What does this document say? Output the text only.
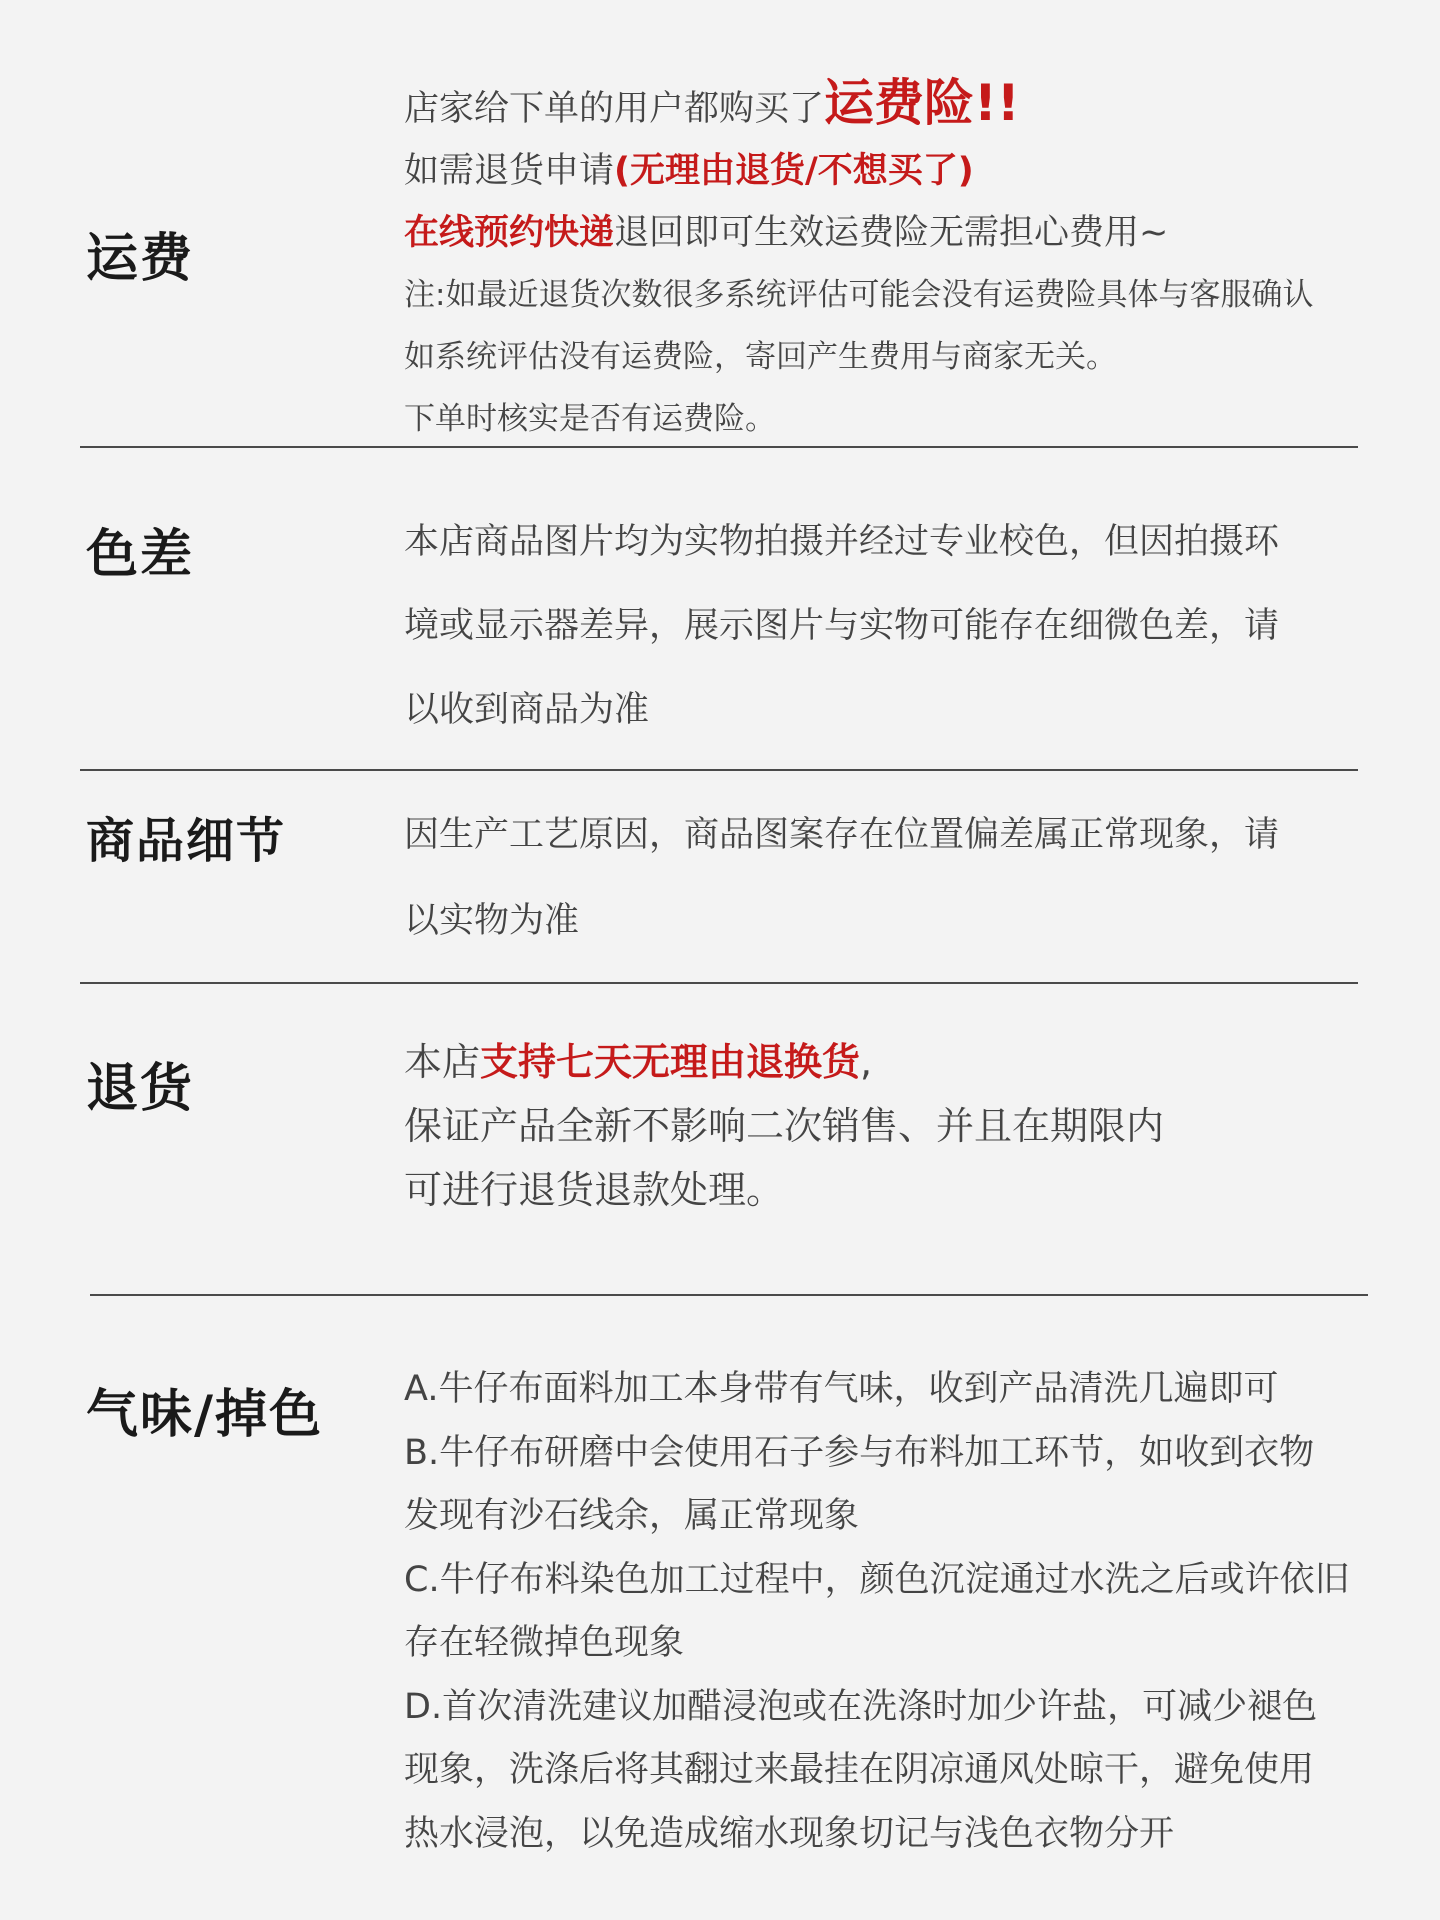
运费
店家给下单的用户都购买了运费险!!
如需退货申请(无理由退货/不想买了)
在线预约快递退回即可生效运费险无需担心费用~
注:如最近退货次数很多系统评估可能会没有运费险具体与客服确认
如系统评估没有运费险，寄回产生费用与商家无关。
下单时核实是否有运费险。
色差	本店商品图片均为实物拍摄并经过专业校色，但因拍摄环
境或显示器差异，展示图片与实物可能存在细微色差，请
以收到商品为准
商品细节	因生产工艺原因，商品图案存在位置偏差属正常现象，请
以实物为准
退货	本店支持七天无理由退换货,
保证产品全新不影响二次销售、并且在期限内
可进行退货退款处理。
气味/掉色 A.牛仔布面料加工本身带有气味，收到产品清洗几遍即可
B.牛仔布研磨中会使用石子参与布料加工环节，如收到衣物
发现有沙石线余，属正常现象
C.牛仔布料染色加工过程中，颜色沉淀通过水洗之后或许依旧
存在轻微掉色现象
D.首次清洗建议加醋浸泡或在洗涤时加少许盐，可减少褪色
现象，洗涤后将其翻过来最挂在阴凉通风处晾干，避免使用
热水浸泡，以免造成缩水现象切记与浅色衣物分开
